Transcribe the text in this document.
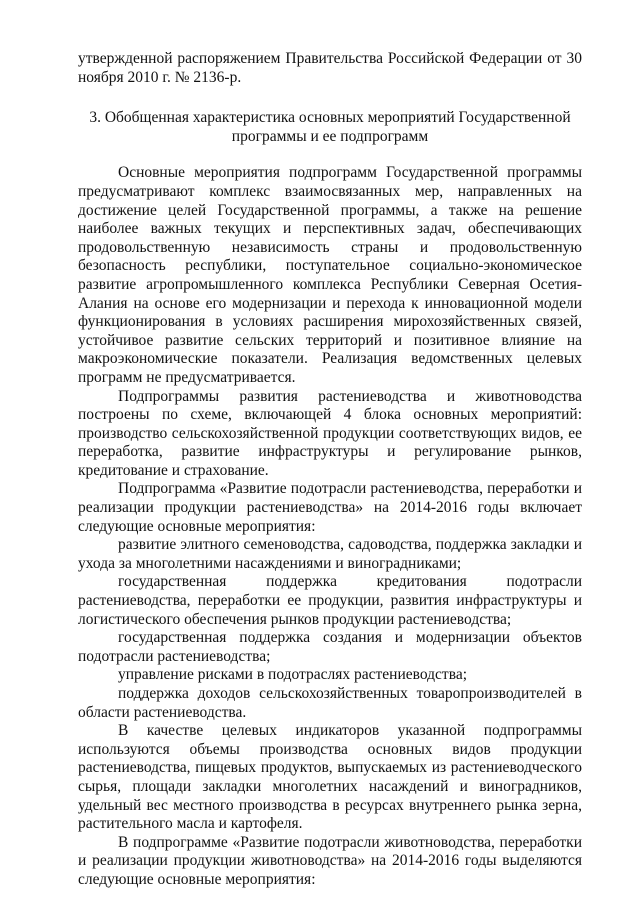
утвержденной распоряжением Правительства Российской Федерации от 30 ноября 2010 г. № 2136-р.

3. Обобщенная характеристика основных мероприятий Государственной программы и ее подпрограмм

Основные мероприятия подпрограмм Государственной программы предусматривают комплекс взаимосвязанных мер, направленных на достижение целей Государственной программы, а также на решение наиболее важных текущих и перспективных задач, обеспечивающих продовольственную независимость страны и продовольственную безопасность республики, поступательное социально-экономическое развитие агропромышленного комплекса Республики Северная Осетия-Алания на основе его модернизации и перехода к инновационной модели функционирования в условиях расширения мирохозяйственных связей, устойчивое развитие сельских территорий и позитивное влияние на макроэкономические показатели. Реализация ведомственных целевых программ не предусматривается.

Подпрограммы развития растениеводства и животноводства построены по схеме, включающей 4 блока основных мероприятий: производство сельскохозяйственной продукции соответствующих видов, ее переработка, развитие инфраструктуры и регулирование рынков, кредитование и страхование.

Подпрограмма «Развитие подотрасли растениеводства, переработки и реализации продукции растениеводства» на 2014-2016 годы включает следующие основные мероприятия:

развитие элитного семеноводства, садоводства, поддержка закладки и ухода за многолетними насаждениями и виноградниками;

государственная поддержка кредитования подотрасли растениеводства, переработки ее продукции, развития инфраструктуры и логистического обеспечения рынков продукции растениеводства;

государственная поддержка создания и модернизации объектов подотрасли растениеводства;

управление рисками в подотраслях растениеводства;

поддержка доходов сельскохозяйственных товаропроизводителей в области растениеводства.

В качестве целевых индикаторов указанной подпрограммы используются объемы производства основных видов продукции растениеводства, пищевых продуктов, выпускаемых из растениеводческого сырья, площади закладки многолетних насаждений и виноградников, удельный вес местного производства в ресурсах внутреннего рынка зерна, растительного масла и картофеля.

В подпрограмме «Развитие подотрасли животноводства, переработки и реализации продукции животноводства» на 2014-2016 годы выделяются следующие основные мероприятия:
